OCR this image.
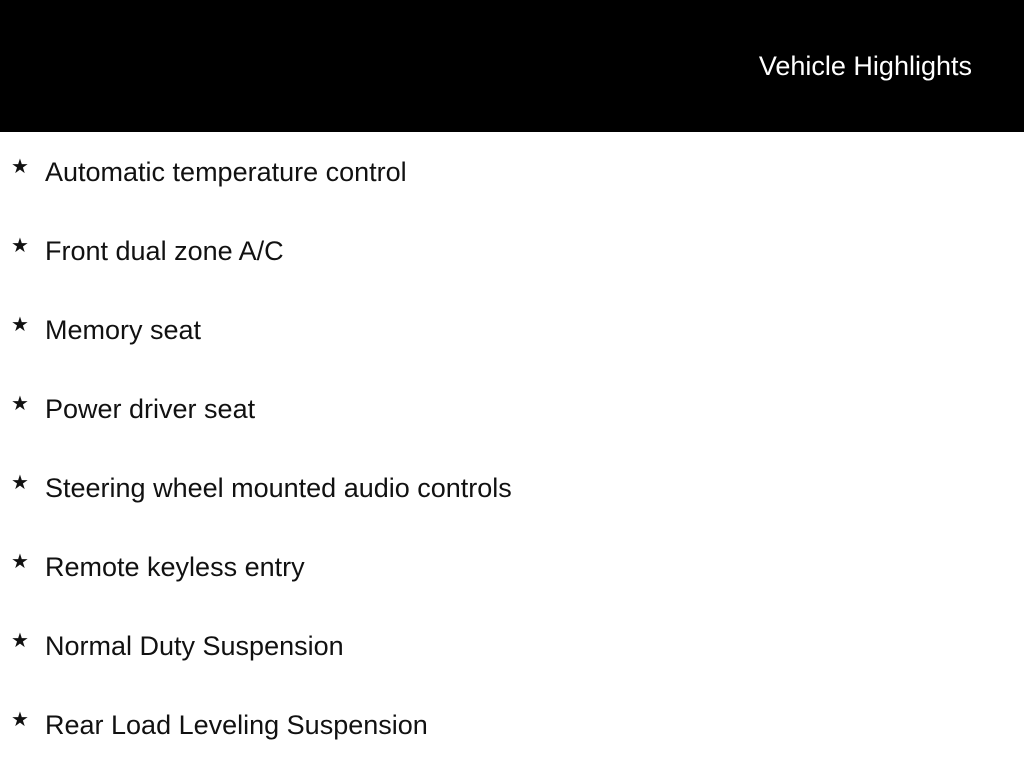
Vehicle Highlights
★ Automatic temperature control
★ Front dual zone A/C
★ Memory seat
★ Power driver seat
★ Steering wheel mounted audio controls
★ Remote keyless entry
★ Normal Duty Suspension
★ Rear Load Leveling Suspension
